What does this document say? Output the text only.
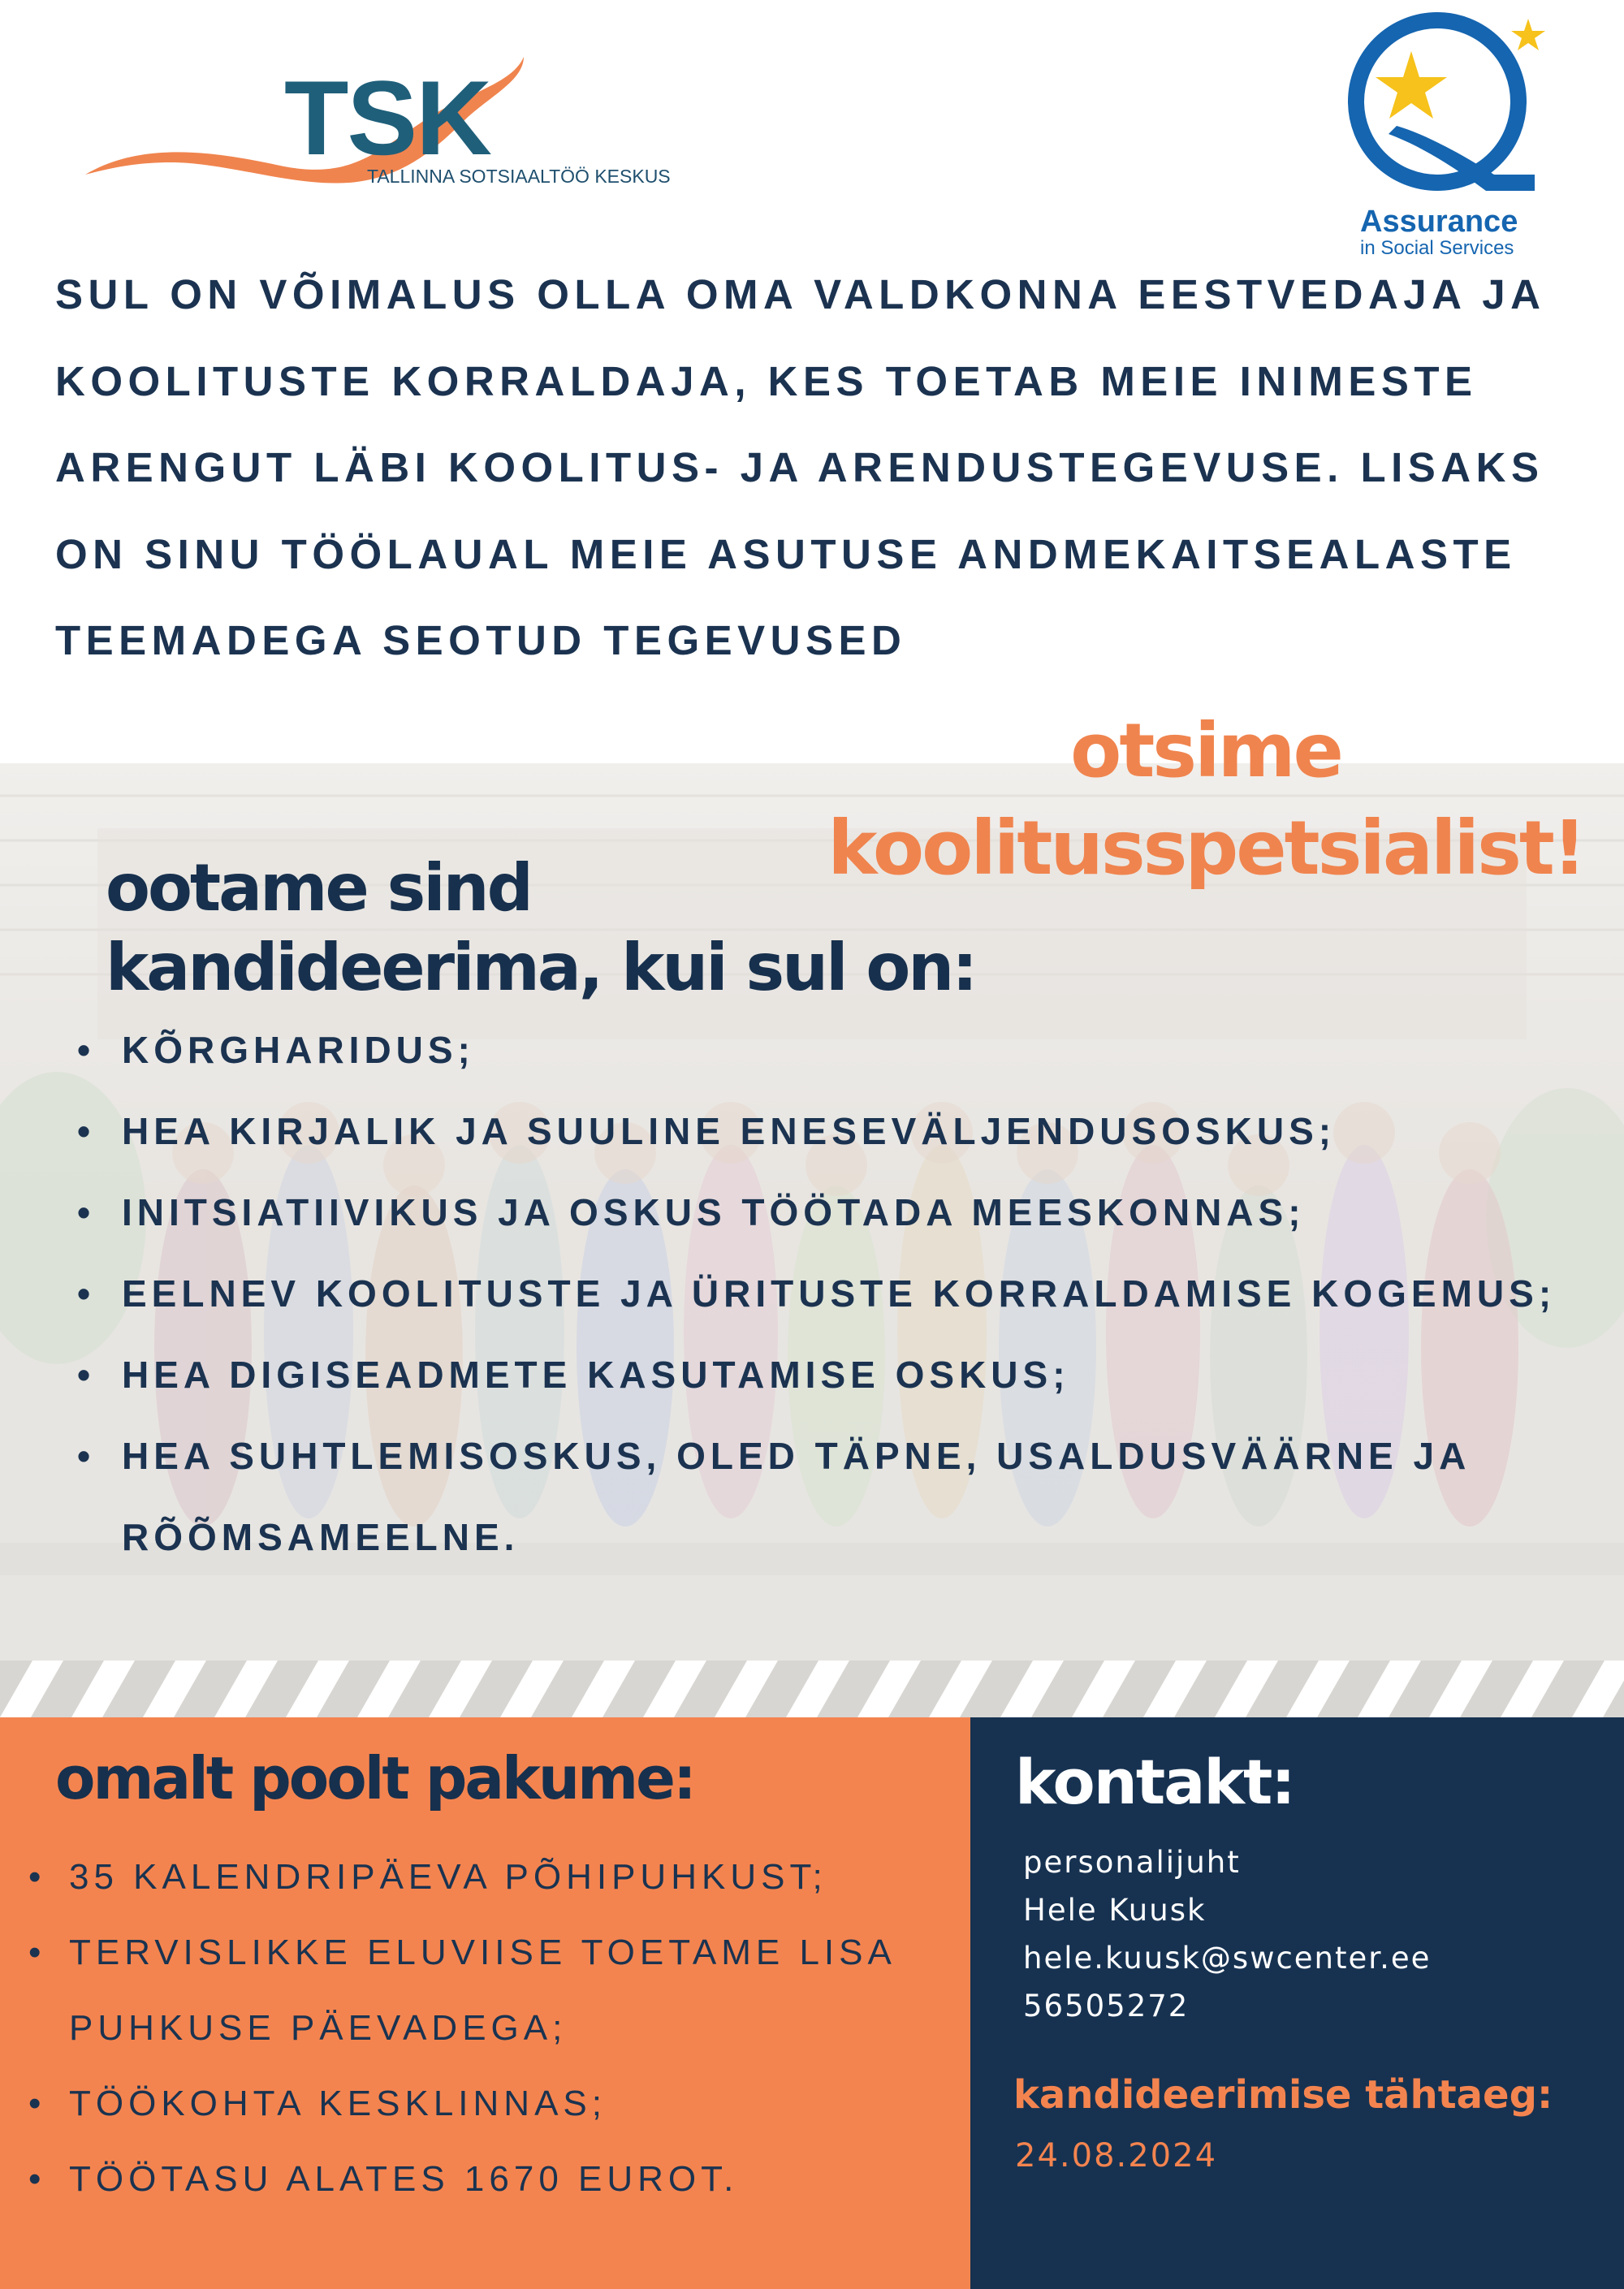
TSK
TALLINNA SOTSIAALTÖÖ KESKUS
Assurance
in Social Services
SUL ON VÕIMALUS OLLA OMA VALDKONNA EESTVEDAJA JA KOOLITUSTE KORRALDAJA, KES TOETAB MEIE INIMESTE ARENGUT LÄBI KOOLITUS- JA ARENDUSTEGEVUSE. LISAKS ON SINU TÖÖLAUAL MEIE ASUTUSE ANDMEKAITSEALASTE TEEMADEGA SEOTUD TEGEVUSED
otsime
koolitusspetsialist!
ootame sind
kandideerima, kui sul on:
• KÕRGHARIDUS;
• HEA KIRJALIK JA SUULINE ENESEVÄLJENDUSOSKUS;
• INITSIATIIVIKUS JA OSKUS TÖÖTADA MEESKONNAS;
• EELNEV KOOLITUSTE JA ÜRITUSTE KORRALDAMISE KOGEMUS;
• HEA DIGISEADMETE KASUTAMISE OSKUS;
• HEA SUHTLEMISOSKUS, OLED TÄPNE, USALDUSVÄÄRNE JA RÕÕMSAMEELNE.
omalt poolt pakume:
• 35 KALENDRIPÄEVA PÕHIPUHKUST;
• TERVISLIKKE ELUVIISE TOETAME LISA PUHKUSE PÄEVADEGA;
• TÖÖKOHTA KESKLINNAS;
• TÖÖTASU ALATES 1670 EUROT.
kontakt:
personalijuht
Hele Kuusk
hele.kuusk@swcenter.ee
56505272
kandideerimise tähtaeg:
24.08.2024
